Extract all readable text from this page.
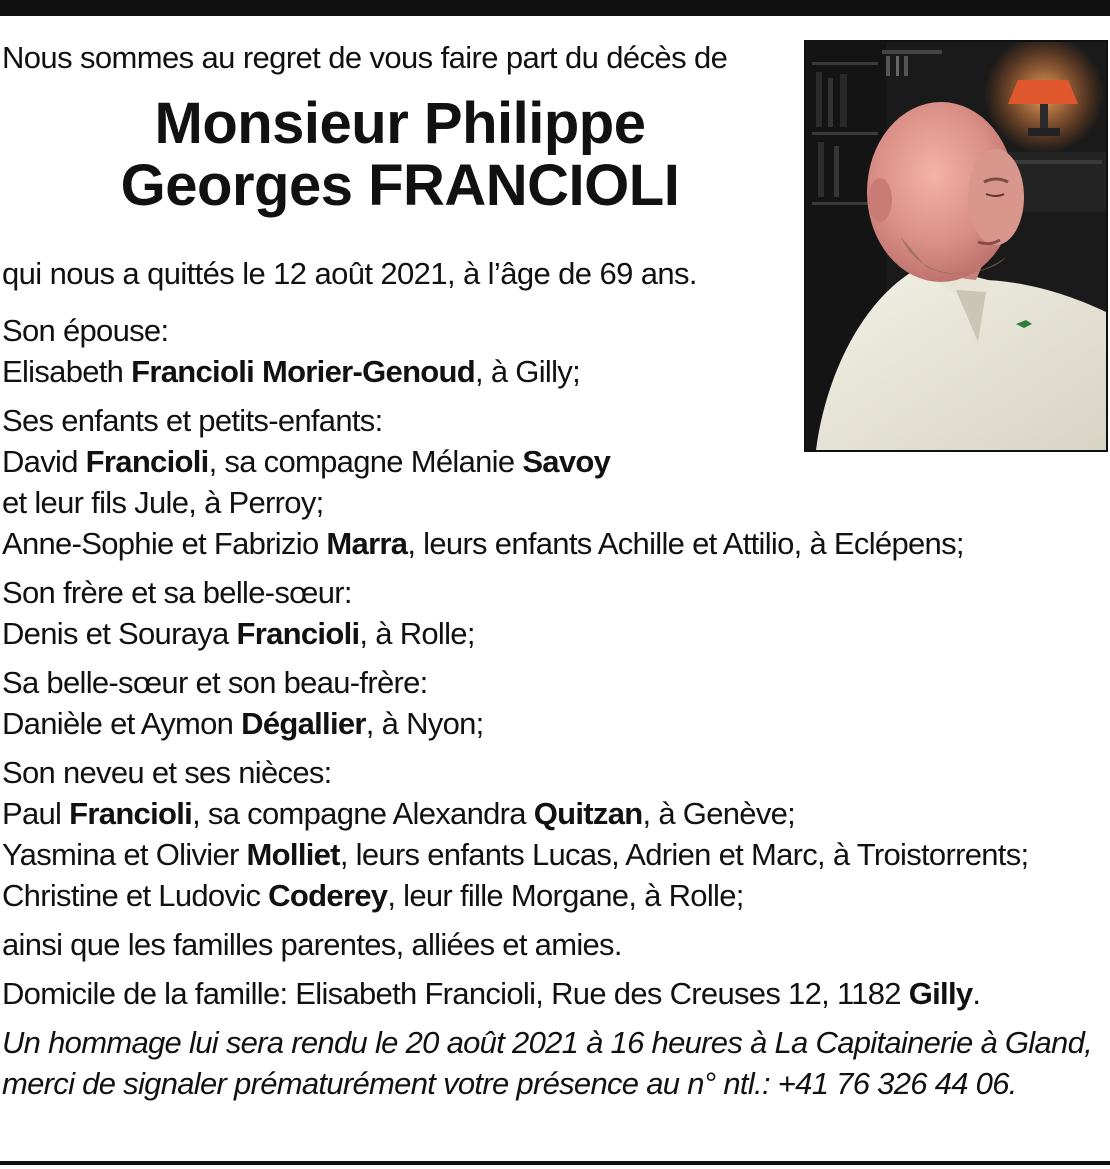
Nous sommes au regret de vous faire part du décès de
Monsieur Philippe
Georges FRANCIOLI
qui nous a quittés le 12 août 2021, à l’âge de 69 ans.
Son épouse:
Elisabeth Francioli Morier-Genoud, à Gilly;
Ses enfants et petits-enfants:
David Francioli, sa compagne Mélanie Savoy
et leur fils Jule, à Perroy;
Anne-Sophie et Fabrizio Marra, leurs enfants Achille et Attilio, à Eclépens;
Son frère et sa belle-sœur:
Denis et Souraya Francioli, à Rolle;
Sa belle-sœur et son beau-frère:
Danièle et Aymon Dégallier, à Nyon;
Son neveu et ses nièces:
Paul Francioli, sa compagne Alexandra Quitzan, à Genève;
Yasmina et Olivier Molliet, leurs enfants Lucas, Adrien et Marc, à Troistorrents;
Christine et Ludovic Coderey, leur fille Morgane, à Rolle;
ainsi que les familles parentes, alliées et amies.
Domicile de la famille: Elisabeth Francioli, Rue des Creuses 12, 1182 Gilly.
Un hommage lui sera rendu le 20 août 2021 à 16 heures à La Capitainerie à Gland,
merci de signaler prématurément votre présence au n° ntl.: +41 76 326 44 06.
